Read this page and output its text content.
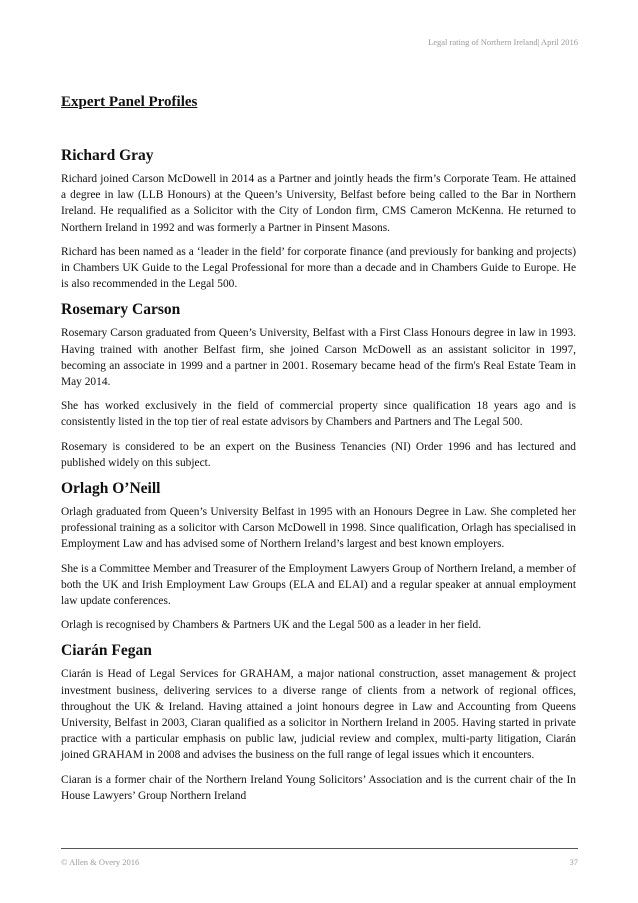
Legal rating of Northern Ireland| April 2016
Expert Panel Profiles
Richard Gray

Richard joined Carson McDowell in 2014 as a Partner and jointly heads the firm’s Corporate Team. He attained a degree in law (LLB Honours) at the Queen’s University, Belfast before being called to the Bar in Northern Ireland. He requalified as a Solicitor with the City of London firm, CMS Cameron McKenna. He returned to Northern Ireland in 1992 and was formerly a Partner in Pinsent Masons.

Richard has been named as a ‘leader in the field’ for corporate finance (and previously for banking and projects) in Chambers UK Guide to the Legal Professional for more than a decade and in Chambers Guide to Europe. He is also recommended in the Legal 500.

Rosemary Carson

Rosemary Carson graduated from Queen’s University, Belfast with a First Class Honours degree in law in 1993. Having trained with another Belfast firm, she joined Carson McDowell as an assistant solicitor in 1997, becoming an associate in 1999 and a partner in 2001. Rosemary became head of the firm's Real Estate Team in May 2014.

She has worked exclusively in the field of commercial property since qualification 18 years ago and is consistently listed in the top tier of real estate advisors by Chambers and Partners and The Legal 500.

Rosemary is considered to be an expert on the Business Tenancies (NI) Order 1996 and has lectured and published widely on this subject.

Orlagh O’Neill

Orlagh graduated from Queen’s University Belfast in 1995 with an Honours Degree in Law. She completed her professional training as a solicitor with Carson McDowell in 1998. Since qualification, Orlagh has specialised in Employment Law and has advised some of Northern Ireland’s largest and best known employers.

She is a Committee Member and Treasurer of the Employment Lawyers Group of Northern Ireland, a member of both the UK and Irish Employment Law Groups (ELA and ELAI) and a regular speaker at annual employment law update conferences.

Orlagh is recognised by Chambers & Partners UK and the Legal 500 as a leader in her field.

Ciarán Fegan

Ciarán is Head of Legal Services for GRAHAM, a major national construction, asset management & project investment business, delivering services to a diverse range of clients from a network of regional offices, throughout the UK & Ireland. Having attained a joint honours degree in Law and Accounting from Queens University, Belfast in 2003, Ciaran qualified as a solicitor in Northern Ireland in 2005. Having started in private practice with a particular emphasis on public law, judicial review and complex, multi-party litigation, Ciarán joined GRAHAM in 2008 and advises the business on the full range of legal issues which it encounters.

Ciaran is a former chair of the Northern Ireland Young Solicitors’ Association and is the current chair of the In House Lawyers’ Group Northern Ireland

© Allen & Overy 2016	37
